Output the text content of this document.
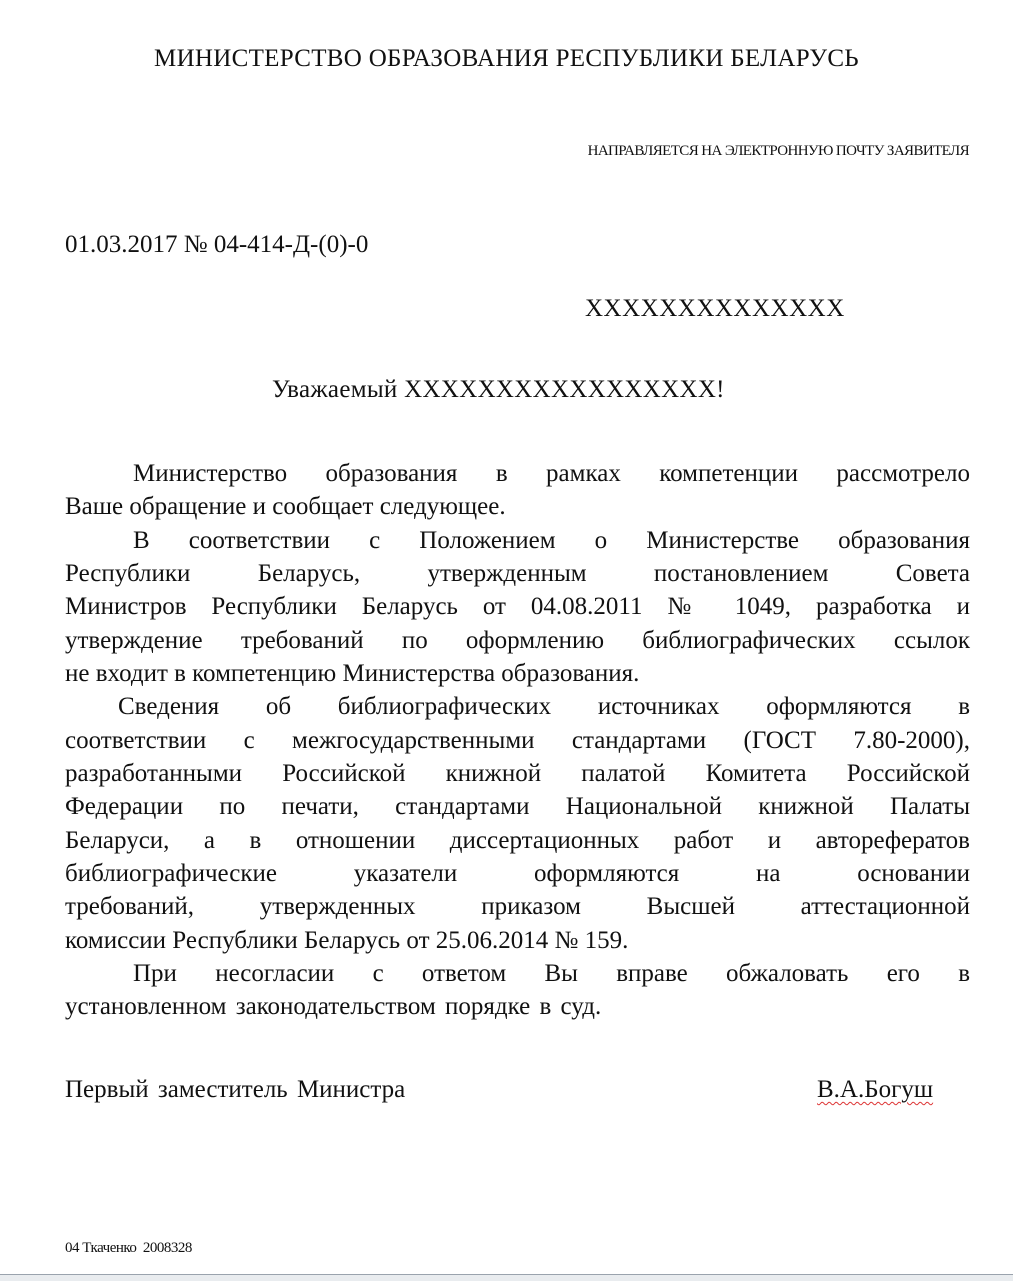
МИНИСТЕРСТВО ОБРАЗОВАНИЯ РЕСПУБЛИКИ БЕЛАРУСЬ
НАПРАВЛЯЕТСЯ НА ЭЛЕКТРОННУЮ ПОЧТУ ЗАЯВИТЕЛЯ
01.03.2017 № 04-414-Д-(0)-0
XXXXXXXXXXXXXX
Уважаемый XXXXXXXXXXXXXXXXX!
Министерство образования в рамках компетенции рассмотрело
Ваше обращение и сообщает следующее.
В соответствии с Положением о Министерстве образования
Республики Беларусь, утвержденным постановлением Совета
Министров Республики Беларусь от 04.08.2011 № 1049, разработка и
утверждение требований по оформлению библиографических ссылок
не входит в компетенцию Министерства образования.
Сведения об библиографических источниках оформляются в
соответствии с межгосударственными стандартами (ГОСТ 7.80-2000),
разработанными Российской книжной палатой Комитета Российской
Федерации по печати, стандартами Национальной книжной Палаты
Беларуси, а в отношении диссертационных работ и авторефератов
библиографические указатели оформляются на основании
требований, утвержденных приказом Высшей аттестационной
комиссии Республики Беларусь от 25.06.2014 № 159.
При несогласии с ответом Вы вправе обжаловать его в
установленном законодательством порядке в суд.
Первый заместитель Министра	В.А.Богуш
04 Ткаченко  2008328
